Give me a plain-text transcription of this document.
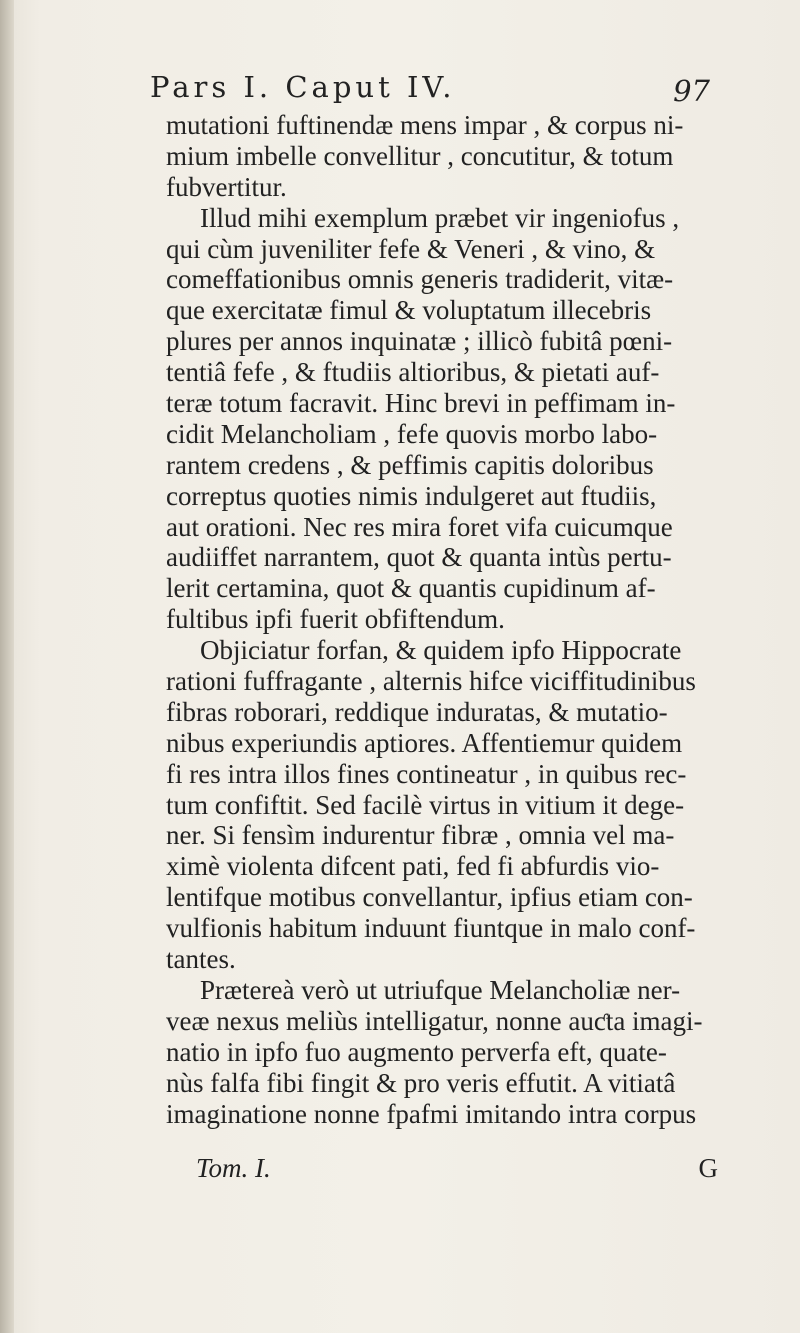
Pars I. Caput IV.	97
mutationi fuftinendæ mens impar , & corpus ni-
mium imbelle convellitur , concutitur, & totum
fubvertitur.
Illud mihi exemplum præbet vir ingeniofus ,
qui cùm juveniliter fefe & Veneri , & vino, &
comeffationibus omnis generis tradiderit, vitæ-
que exercitatæ fimul & voluptatum illecebris
plures per annos inquinatæ ; illicò fubitâ pœni-
tentiâ fefe , & ftudiis altioribus, & pietati auf-
teræ totum facravit. Hinc brevi in peffimam in-
cidit Melancholiam , fefe quovis morbo labo-
rantem credens , & peffimis capitis doloribus
correptus quoties nimis indulgeret aut ftudiis,
aut orationi. Nec res mira foret vifa cuicumque
audiiffet narrantem, quot & quanta intùs pertu-
lerit certamina, quot & quantis cupidinum af-
fultibus ipfi fuerit obfiftendum.
Objiciatur forfan, & quidem ipfo Hippocrate
rationi fuffragante , alternis hifce viciffitudinibus
fibras roborari, reddique induratas, & mutatio-
nibus experiundis aptiores. Affentiemur quidem
fi res intra illos fines contineatur , in quibus rec-
tum confiftit. Sed facilè virtus in vitium it dege-
ner. Si fensìm indurentur fibræ , omnia vel ma-
ximè violenta difcent pati, fed fi abfurdis vio-
lentifque motibus convellantur, ipfius etiam con-
vulfionis habitum induunt fiuntque in malo conf-
tantes.
Prætereà verò ut utriufque Melancholiæ ner-
veæ nexus meliùs intelligatur, nonne auƈta imagi-
natio in ipfo fuo augmento perverfa eft, quate-
nùs falfa fibi fingit & pro veris effutit. A vitiatâ
imaginatione nonne fpafmi imitando intra corpus
Tom. I.	G
